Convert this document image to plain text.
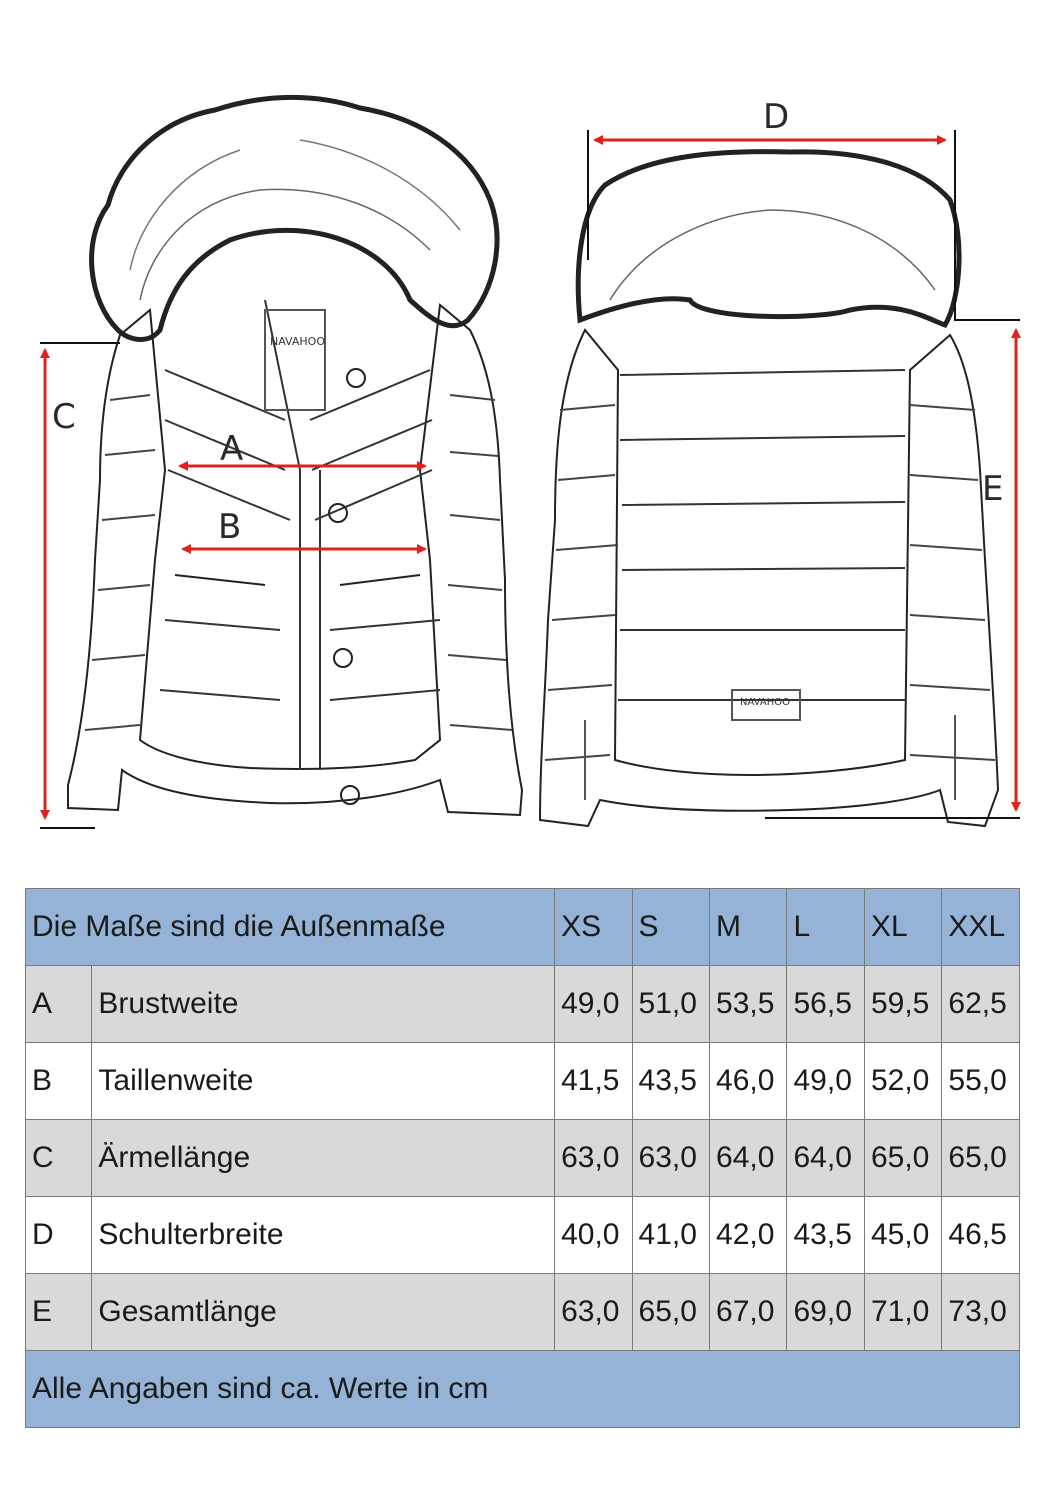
NAVAHOO
NAVAHOO
A
B
C
D
E
Die Maße sind die Außenmaße		XS	S	M	L	XL	XXL
A	Brustweite	49,0	51,0	53,5	56,5	59,5	62,5
B	Taillenweite	41,5	43,5	46,0	49,0	52,0	55,0
C	Ärmellänge	63,0	63,0	64,0	64,0	65,0	65,0
D	Schulterbreite	40,0	41,0	42,0	43,5	45,0	46,5
E	Gesamtlänge	63,0	65,0	67,0	69,0	71,0	73,0
Alle Angaben sind ca. Werte in cm							
